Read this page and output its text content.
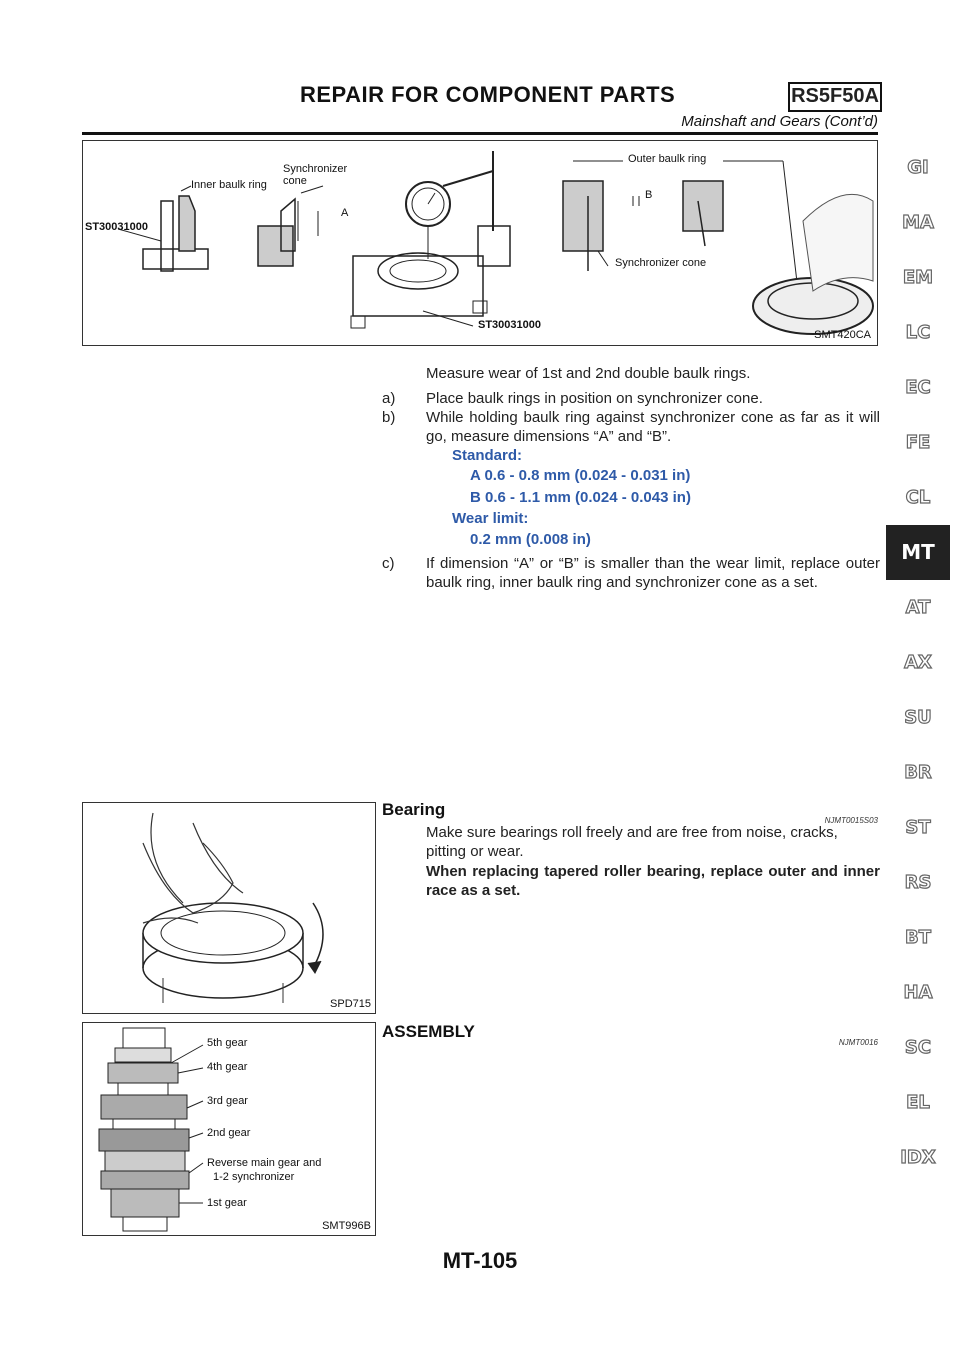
REPAIR FOR COMPONENT PARTS	RS5F50A
Mainshaft and Gears (Cont’d)
ST30031000
Inner baulk ring
Synchronizer cone
A
ST30031000
Outer baulk ring
B
Synchronizer cone
SMT420CA
Measure wear of 1st and 2nd double baulk rings.
a) Place baulk rings in position on synchronizer cone.
b) While holding baulk ring against synchronizer cone as far as it will go, measure dimensions “A” and “B”.
Standard:
A 0.6 - 0.8 mm (0.024 - 0.031 in)
B 0.6 - 1.1 mm (0.024 - 0.043 in)
Wear limit:
0.2 mm (0.008 in)
c) If dimension “A” or “B” is smaller than the wear limit, replace outer baulk ring, inner baulk ring and synchronizer cone as a set.
SPD715
Bearing
NJMT0015S03
Make sure bearings roll freely and are free from noise, cracks, pitting or wear.
When replacing tapered roller bearing, replace outer and inner race as a set.
5th gear
4th gear
3rd gear
2nd gear
Reverse main gear and
1-2 synchronizer
1st gear
SMT996B
ASSEMBLY
NJMT0016
GI
MA
EM
LC
EC
FE
CL
MT
AT
AX
SU
BR
ST
RS
BT
HA
SC
EL
IDX
MT-105
